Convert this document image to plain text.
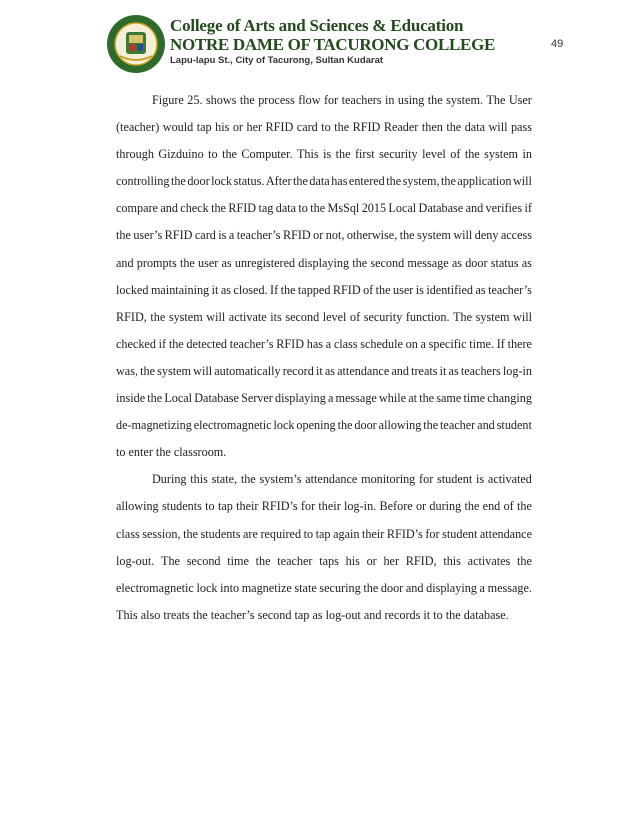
College of Arts and Sciences & Education
NOTRE DAME OF TACURONG COLLEGE
Lapu-lapu St., City of Tacurong, Sultan Kudarat
49
Figure 25. shows the process flow for teachers in using the system. The User
(teacher) would tap his or her RFID card to the RFID Reader then the data will pass
through Gizduino to the Computer. This is the first security level of the system in
controlling the door lock status. After the data has entered the system, the application will
compare and check the RFID tag data to the MsSql 2015 Local Database and verifies if
the user’s RFID card is a teacher’s RFID or not, otherwise, the system will deny access
and prompts the user as unregistered displaying the second message as door status as
locked maintaining it as closed. If the tapped RFID of the user is identified as teacher’s
RFID, the system will activate its second level of security function. The system will
checked if the detected teacher’s RFID has a class schedule on a specific time. If there
was, the system will automatically record it as attendance and treats it as teachers log-in
inside the Local Database Server displaying a message while at the same time changing
de-magnetizing electromagnetic lock opening the door allowing the teacher and student
to enter the classroom.
During this state, the system’s attendance monitoring for student is activated
allowing students to tap their RFID’s for their log-in. Before or during the end of the
class session, the students are required to tap again their RFID’s for student attendance
log-out. The second time the teacher taps his or her RFID, this activates the
electromagnetic lock into magnetize state securing the door and displaying a message.
This also treats the teacher’s second tap as log-out and records it to the database.
